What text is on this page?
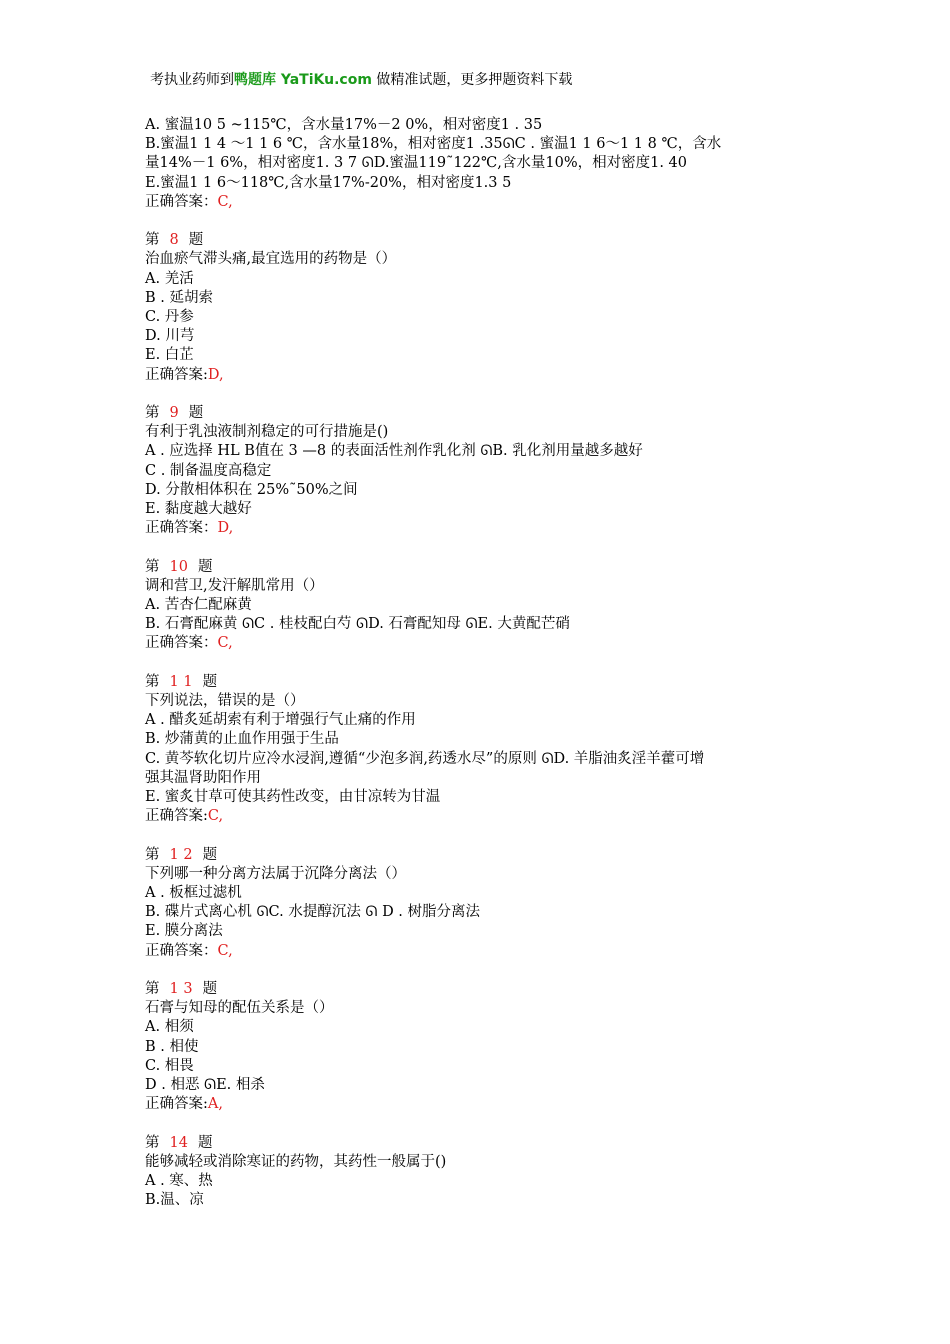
考执业药师到鸭题库 YaTiKu.com 做精准试题，更多押题资料下载
A. 蜜温10 5 ~115℃，含水量17%－2 0%，相对密度1 . 35
B.蜜温1 1 4 ～1 1 6 ℃，含水量18%，相对密度1 .35ᘏC . 蜜温1 1 6～1 1 8 ℃，含水
量14%－1 6%，相对密度1. 3 7 ᘏD.蜜温119˜122℃,含水量10%，相对密度1. 40
E.蜜温1 1 6～118℃,含水量17%-20%，相对密度1.3 5
正确答案：C,
第 8 题
治血瘀气滞头痛,最宜选用的药物是（）
A. 羌活
B . 延胡索
C. 丹参
D. 川芎
E. 白芷
正确答案:D,
第 9 题
有利于乳浊液制剂稳定的可行措施是()
A . 应选择 HL B值在 3 —8 的表面活性剂作乳化剂 ᘏB. 乳化剂用量越多越好
C . 制备温度高稳定
D. 分散相体积在 25%˜50%之间
E. 黏度越大越好
正确答案：D,
第 10 题
调和营卫,发汗解肌常用（）
A. 苦杏仁配麻黄
B. 石膏配麻黄 ᘏC . 桂枝配白芍 ᘏD. 石膏配知母 ᘏE. 大黄配芒硝
正确答案：C,
第 1 1 题
下列说法，错误的是（）
A . 醋炙延胡索有利于增强行气止痛的作用
B. 炒蒲黄的止血作用强于生品
C. 黄芩软化切片应冷水浸润,遵循“少泡多润,药透水尽”的原则 ᘏD. 羊脂油炙淫羊藿可增
强其温肾助阳作用
E. 蜜炙甘草可使其药性改变，由甘凉转为甘温
正确答案:C,
第 1 2 题
下列哪一种分离方法属于沉降分离法（）
A . 板框过滤机
B. 碟片式离心机 ᘏC. 水提醇沉法 ᘏ D . 树脂分离法
E. 膜分离法
正确答案：C,
第 1 3 题
石膏与知母的配伍关系是（）
A. 相须
B . 相使
C. 相畏
D . 相恶 ᘏE. 相杀
正确答案:A,
第 14 题
能够减轻或消除寒证的药物，其药性一般属于()
A . 寒、热
B.温、凉
